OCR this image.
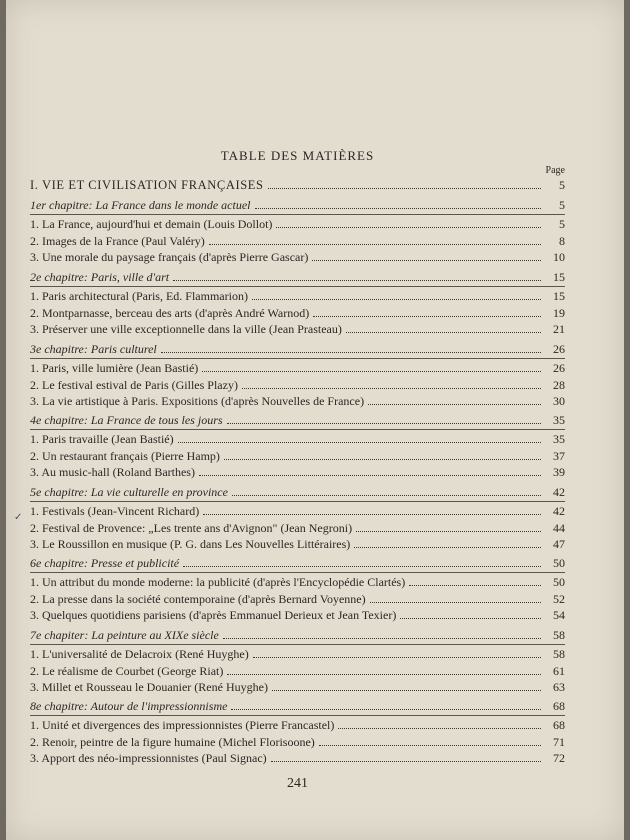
TABLE DES MATIÈRES
Page
I. VIE ET CIVILISATION FRANÇAISES	5
1er chapitre: La France dans le monde actuel	5
1. La France, aujourd'hui et demain (Louis Dollot)	5
2. Images de la France (Paul Valéry)	8
3. Une morale du paysage français (d'après Pierre Gascar)	10
2e chapitre: Paris, ville d'art	15
1. Paris architectural (Paris, Ed. Flammarion)	15
2. Montparnasse, berceau des arts (d'après André Warnod)	19
3. Préserver une ville exceptionnelle dans la ville (Jean Prasteau)	21
3e chapitre: Paris culturel	26
1. Paris, ville lumière (Jean Bastié)	26
2. Le festival estival de Paris (Gilles Plazy)	28
3. La vie artistique à Paris. Expositions (d'après Nouvelles de France)	30
4e chapitre: La France de tous les jours	35
1. Paris travaille (Jean Bastié)	35
2. Un restaurant français (Pierre Hamp)	37
3. Au music-hall (Roland Barthes)	39
5e chapitre: La vie culturelle en province	42
1. Festivals (Jean-Vincent Richard)	42
2. Festival de Provence: „Les trente ans d'Avignon" (Jean Negroni)	44
3. Le Roussillon en musique (P. G. dans Les Nouvelles Littéraires)	47
6e chapitre: Presse et publicité	50
1. Un attribut du monde moderne: la publicité (d'après l'Encyclopédie Clartés)	50
2. La presse dans la société contemporaine (d'après Bernard Voyenne)	52
3. Quelques quotidiens parisiens (d'après Emmanuel Derieux et Jean Texier)	54
7e chapiter: La peinture au XIXe siècle	58
1. L'universalité de Delacroix (René Huyghe)	58
2. Le réalisme de Courbet (George Riat)	61
3. Millet et Rousseau le Douanier (René Huyghe)	63
8e chapitre: Autour de l'impressionnisme	68
1. Unité et divergences des impressionnistes (Pierre Francastel)	68
2. Renoir, peintre de la figure humaine (Michel Florisoone)	71
3. Apport des néo-impressionnistes (Paul Signac)	72
241
✓
